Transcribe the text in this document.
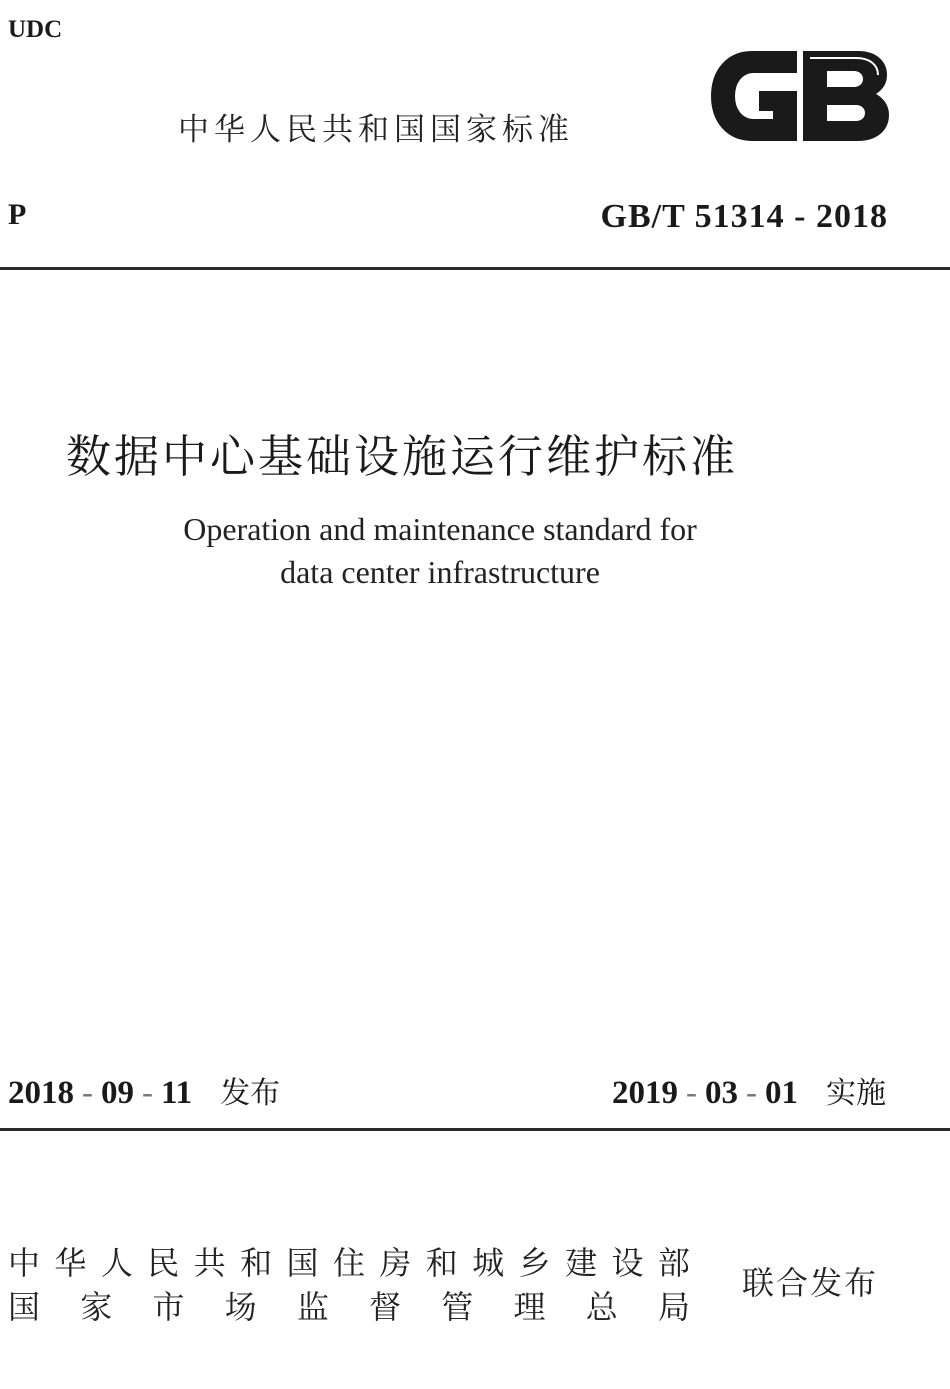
UDC
中华人民共和国国家标准
P	GB/T 51314 - 2018
数据中心基础设施运行维护标准
Operation and maintenance standard for
data center infrastructure
2018 - 09 - 11 发布	2019 - 03 - 01 实施
中 华 人 民 共 和 国 住 房 和 城 乡 建 设 部
国 家 市 场 监 督 管 理 总 局
联合发布
